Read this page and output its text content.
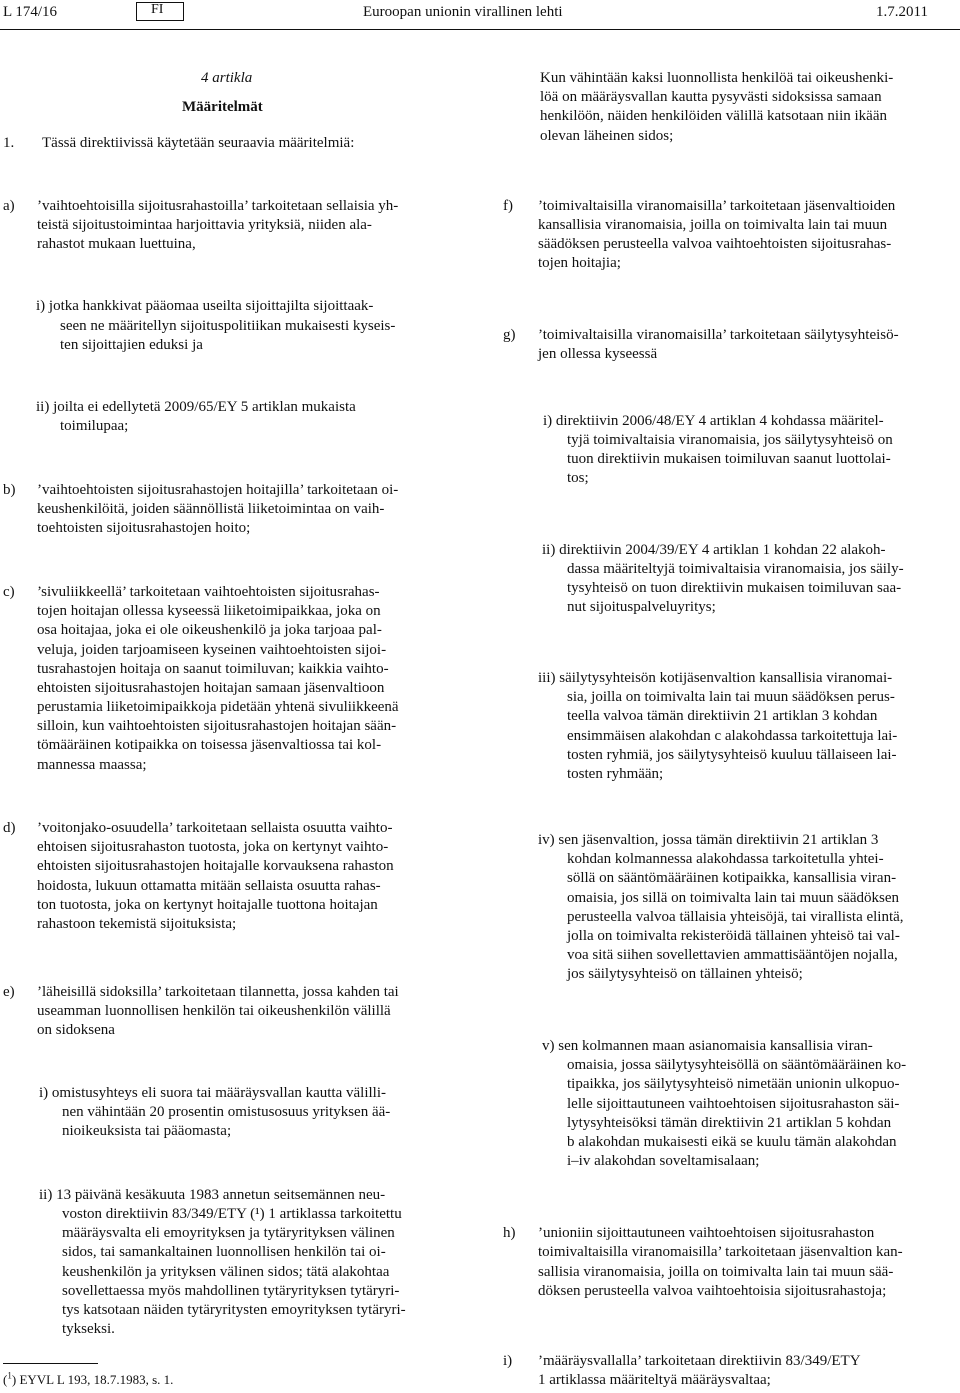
L 174/16	FI	Euroopan unionin virallinen lehti	1.7.2011
4 artikla
Määritelmät
1. Tässä direktiivissä käytetään seuraavia määritelmiä:
a) ’vaihtoehtoisilla sijoitusrahastoilla’ tarkoitetaan sellaisia yh-
teistä sijoitustoimintaa harjoittavia yrityksiä, niiden ala-
rahastot mukaan luettuina,
i) jotka hankkivat pääomaa useilta sijoittajilta sijoittaak-
seen ne määritellyn sijoituspolitiikan mukaisesti kyseis-
ten sijoittajien eduksi ja
ii) joilta ei edellytetä 2009/65/EY 5 artiklan mukaista
toimilupaa;
b) ’vaihtoehtoisten sijoitusrahastojen hoitajilla’ tarkoitetaan oi-
keushenkilöitä, joiden säännöllistä liiketoimintaa on vaih-
toehtoisten sijoitusrahastojen hoito;
c) ’sivuliikkeellä’ tarkoitetaan vaihtoehtoisten sijoitusrahas-
tojen hoitajan ollessa kyseessä liiketoimipaikkaa, joka on
osa hoitajaa, joka ei ole oikeushenkilö ja joka tarjoaa pal-
veluja, joiden tarjoamiseen kyseinen vaihtoehtoisten sijoi-
tusrahastojen hoitaja on saanut toimiluvan; kaikkia vaihto-
ehtoisten sijoitusrahastojen hoitajan samaan jäsenvaltioon
perustamia liiketoimipaikkoja pidetään yhtenä sivuliikkeenä
silloin, kun vaihtoehtoisten sijoitusrahastojen hoitajan sään-
tömääräinen kotipaikka on toisessa jäsenvaltiossa tai kol-
mannessa maassa;
d) ’voitonjako-osuudella’ tarkoitetaan sellaista osuutta vaihto-
ehtoisen sijoitusrahaston tuotosta, joka on kertynyt vaihto-
ehtoisten sijoitusrahastojen hoitajalle korvauksena rahaston
hoidosta, lukuun ottamatta mitään sellaista osuutta rahas-
ton tuotosta, joka on kertynyt hoitajalle tuottona hoitajan
rahastoon tekemistä sijoituksista;
e) ’läheisillä sidoksilla’ tarkoitetaan tilannetta, jossa kahden tai
useamman luonnollisen henkilön tai oikeushenkilön välillä
on sidoksena
i) omistusyhteys eli suora tai määräysvallan kautta välilli-
nen vähintään 20 prosentin omistusosuus yrityksen ää-
nioikeuksista tai pääomasta;
ii) 13 päivänä kesäkuuta 1983 annetun seitsemännen neu-
voston direktiivin 83/349/ETY (¹) 1 artiklassa tarkoitettu
määräysvalta eli emoyrityksen ja tytäryrityksen välinen
sidos, tai samankaltainen luonnollisen henkilön tai oi-
keushenkilön ja yrityksen välinen sidos; tätä alakohtaa
sovellettaessa myös mahdollinen tytäryrityksen tytäryri-
tys katsotaan näiden tytäryritysten emoyrityksen tytäryri-
tykseksi.
($^1$) EYVL L 193, 18.7.1983, s. 1.
Kun vähintään kaksi luonnollista henkilöä tai oikeushenki-
löä on määräysvallan kautta pysyvästi sidoksissa samaan
henkilöön, näiden henkilöiden välillä katsotaan niin ikään
olevan läheinen sidos;
f) ’toimivaltaisilla viranomaisilla’ tarkoitetaan jäsenvaltioiden
kansallisia viranomaisia, joilla on toimivalta lain tai muun
säädöksen perusteella valvoa vaihtoehtoisten sijoitusrahas-
tojen hoitajia;
g) ’toimivaltaisilla viranomaisilla’ tarkoitetaan säilytysyhteisö-
jen ollessa kyseessä
i) direktiivin 2006/48/EY 4 artiklan 4 kohdassa määritel-
tyjä toimivaltaisia viranomaisia, jos säilytysyhteisö on
tuon direktiivin mukaisen toimiluvan saanut luottolai-
tos;
ii) direktiivin 2004/39/EY 4 artiklan 1 kohdan 22 alakoh-
dassa määriteltyjä toimivaltaisia viranomaisia, jos säily-
tysyhteisö on tuon direktiivin mukaisen toimiluvan saa-
nut sijoituspalveluyritys;
iii) säilytysyhteisön kotijäsenvaltion kansallisia viranomai-
sia, joilla on toimivalta lain tai muun säädöksen perus-
teella valvoa tämän direktiivin 21 artiklan 3 kohdan
ensimmäisen alakohdan c alakohdassa tarkoitettuja lai-
tosten ryhmiä, jos säilytysyhteisö kuuluu tällaiseen lai-
tosten ryhmään;
iv) sen jäsenvaltion, jossa tämän direktiivin 21 artiklan 3
kohdan kolmannessa alakohdassa tarkoitetulla yhtei-
söllä on sääntömääräinen kotipaikka, kansallisia viran-
omaisia, jos sillä on toimivalta lain tai muun säädöksen
perusteella valvoa tällaisia yhteisöjä, tai virallista elintä,
jolla on toimivalta rekisteröidä tällainen yhteisö tai val-
voa sitä siihen sovellettavien ammattisääntöjen nojalla,
jos säilytysyhteisö on tällainen yhteisö;
v) sen kolmannen maan asianomaisia kansallisia viran-
omaisia, jossa säilytysyhteisöllä on sääntömääräinen ko-
tipaikka, jos säilytysyhteisö nimetään unionin ulkopuo-
lelle sijoittautuneen vaihtoehtoisen sijoitusrahaston säi-
lytysyhteisöksi tämän direktiivin 21 artiklan 5 kohdan
b alakohdan mukaisesti eikä se kuulu tämän alakohdan
i–iv alakohdan soveltamisalaan;
h) ’unioniin sijoittautuneen vaihtoehtoisen sijoitusrahaston
toimivaltaisilla viranomaisilla’ tarkoitetaan jäsenvaltion kan-
sallisia viranomaisia, joilla on toimivalta lain tai muun sää-
döksen perusteella valvoa vaihtoehtoisia sijoitusrahastoja;
i) ’määräysvallalla’ tarkoitetaan direktiivin 83/349/ETY
1 artiklassa määriteltyä määräysvaltaa;
